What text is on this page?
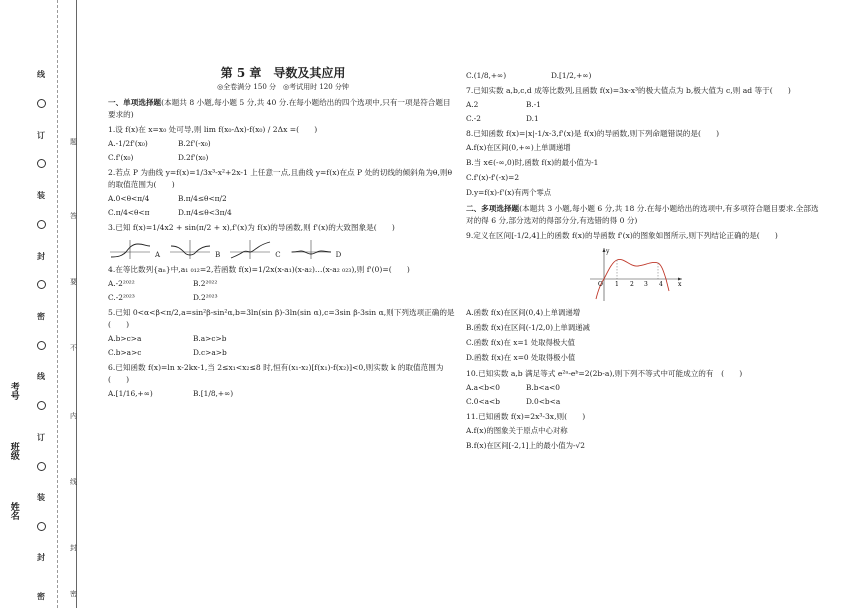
线
订
装
封
密
线
订
装
封
密
题
答
要
不
内
线
封
密
考号
班级
姓名
第 5 章　导数及其应用
◎全卷满分 150 分　◎考试用时 120 分钟
一、单项选择题(本题共 8 小题,每小题 5 分,共 40 分.在每小题给出的四个选项中,只有一项是符合题目要求的)
1.设 f(x)在 x=x₀ 处可导,则 lim f(x₀-Δx)-f(x₀) / 2Δx =(　　)
A.-1/2f'(x₀)	B.2f'(-x₀)
C.f'(x₀)	D.2f'(x₀)
2.若点 P 为曲线 y=f(x)=1/3x³-x²+2x-1 上任意一点,且曲线 y=f(x)在点 P 处的切线的倾斜角为θ,则θ的取值范围为(　　)
A.0<θ<π/4	B.π/4≤θ<π/2
C.π/4<θ<π	D.π/4≤θ<3π/4
3.已知 f(x)=1/4x2 + sin(π/2 + x),f'(x)为 f(x)的导函数,则 f'(x)的大致图象是(　　)
A	B	C	D
4.在等比数列{aₙ}中,a₁ ₀₁₂=2,若函数 f(x)=1/2x(x-a₁)(x-a₂)…(x-a₂ ₀₂₃),则 f'(0)=(　　)
A.-2²⁰²²	B.2²⁰²²
C.-2²⁰²³	D.2²⁰²³
5.已知 0<α<β<π/2,a=sin²β-sin²α,b=3ln(sin β)-3ln(sin α),c=3sin β-3sin α,则下列选项正确的是(　　)
A.b>c>a	B.a>c>b
C.b>a>c	D.c>a>b
6.已知函数 f(x)=ln x-2kx-1,当 2≤x₁<x₂≤8 时,恒有(x₁-x₂)[f(x₁)-f(x₂)]<0,则实数 k 的取值范围为(　　)
A.[1/16,+∞)	B.[1/8,+∞)
C.(1/8,+∞)	D.[1/2,+∞)
7.已知实数 a,b,c,d 成等比数列,且函数 f(x)=3x-x³的极大值点为 b,极大值为 c,则 ad 等于(　　)
A.2	B.-1
C.-2	D.1
8.已知函数 f(x)=|x|-1/x-3,f'(x)是 f(x)的导函数,则下列命题错误的是(　　)
A.f(x)在区间(0,+∞)上单调递增
B.当 x∈(-∞,0)时,函数 f(x)的最小值为-1
C.f'(x)-f'(-x)=2
D.y=f(x)-f'(x)有两个零点
二、多项选择题(本题共 3 小题,每小题 6 分,共 18 分.在每小题给出的选项中,有多项符合题目要求.全部选对的得 6 分,部分选对的得部分分,有选错的得 0 分)
9.定义在区间[-1/2,4]上的函数 f(x)的导函数 f'(x)的图象如图所示,则下列结论正确的是(　　)
y
O 1 2 3 4	x
A.函数 f(x)在区间(0,4)上单调递增
B.函数 f(x)在区间(-1/2,0)上单调递减
C.函数 f(x)在 x=1 处取得极大值
D.函数 f(x)在 x=0 处取得极小值
10.已知实数 a,b 满足等式 e²ᵃ-eᵇ=2(2b-a),则下列不等式中可能成立的有　(　　)
A.a<b<0	B.b<a<0
C.0<a<b	D.0<b<a
11.已知函数 f(x)=2x³-3x,则(　　)
A.f(x)的图象关于原点中心对称
B.f(x)在区间[-2,1]上的最小值为-√2
